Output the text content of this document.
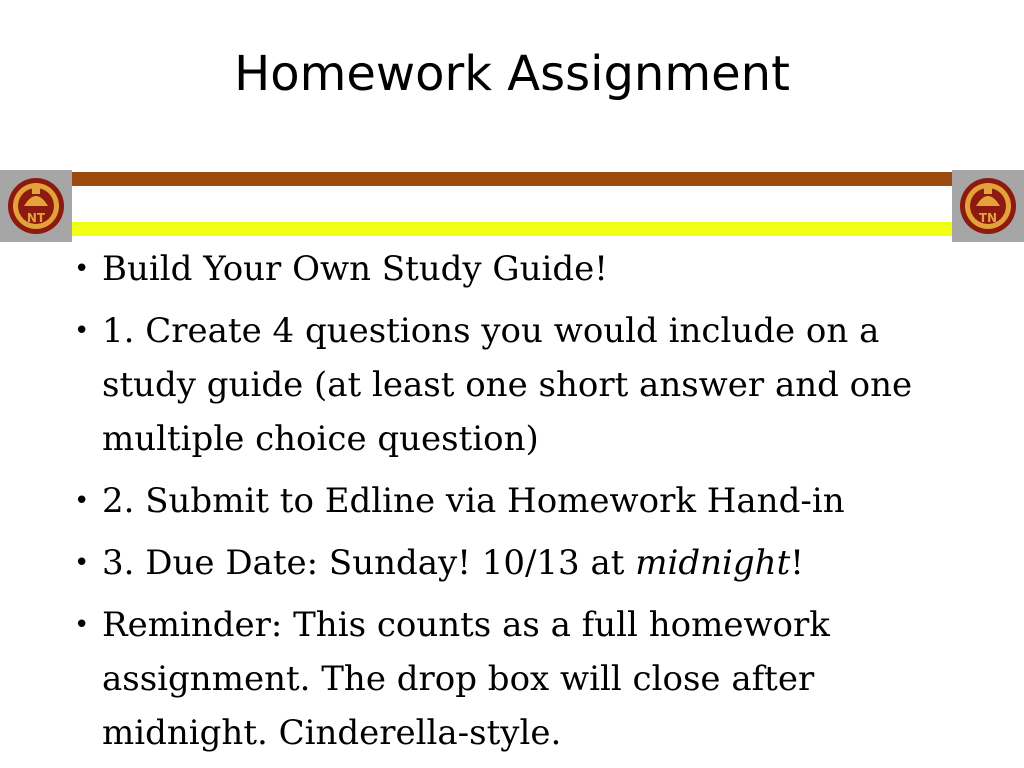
Homework Assignment
NT	TN
• Build Your Own Study Guide!
• 1. Create 4 questions you would include on a study guide (at least one short answer and one multiple choice question)
• 2. Submit to Edline via Homework Hand-in
• 3. Due Date: Sunday! 10/13 at midnight!
• Reminder: This counts as a full homework assignment. The drop box will close after midnight. Cinderella-style.
